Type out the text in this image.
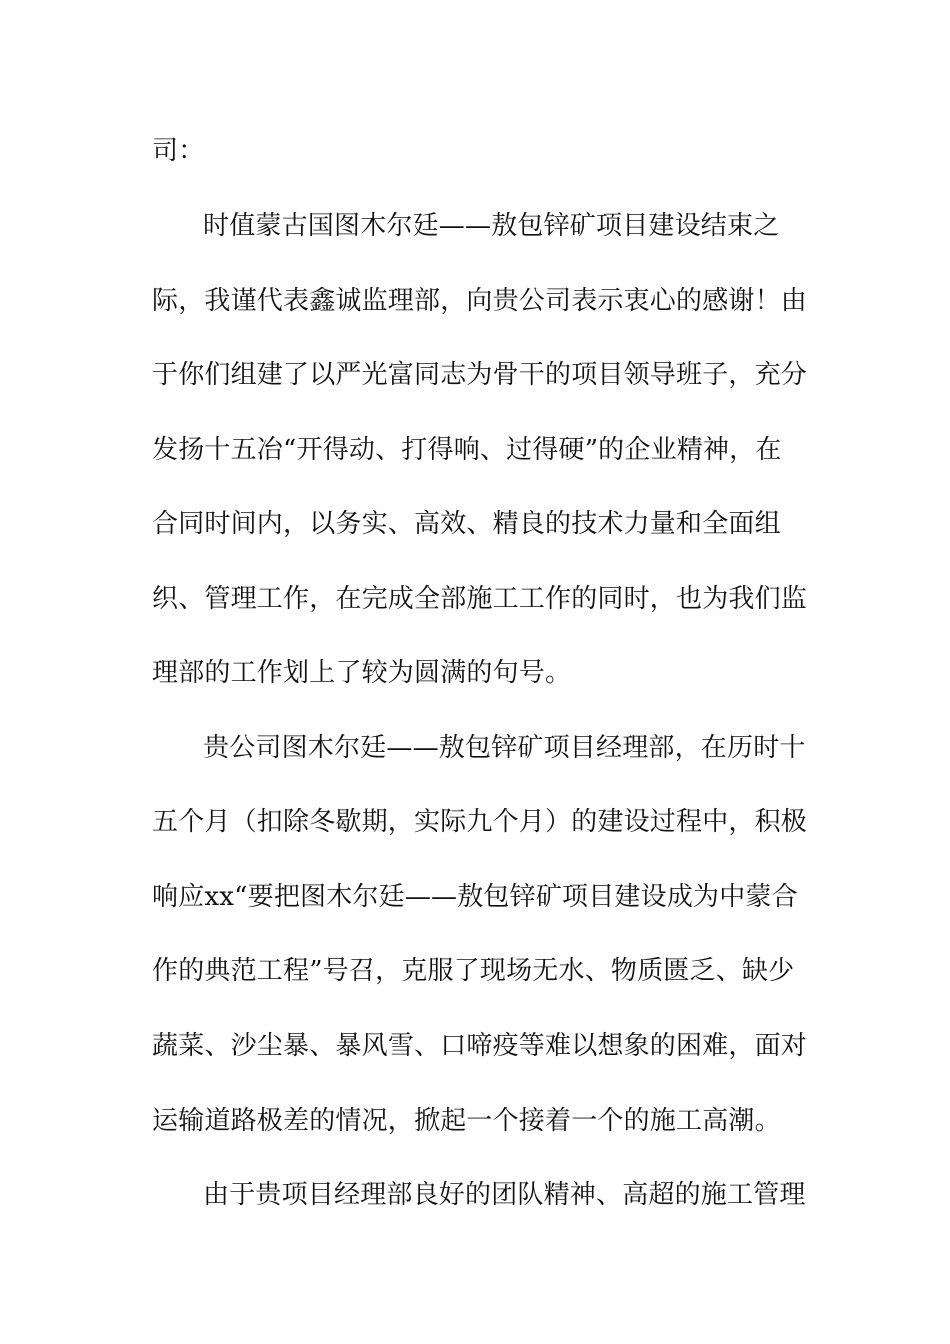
司：
时值蒙古国图木尔廷——敖包锌矿项目建设结束之
际，我谨代表鑫诚监理部，向贵公司表示衷心的感谢！由
于你们组建了以严光富同志为骨干的项目领导班子，充分
发扬十五冶“开得动、打得响、过得硬”的企业精神，在
合同时间内，以务实、高效、精良的技术力量和全面组
织、管理工作，在完成全部施工工作的同时，也为我们监
理部的工作划上了较为圆满的句号。
贵公司图木尔廷——敖包锌矿项目经理部，在历时十
五个月（扣除冬歇期，实际九个月）的建设过程中，积极
响应xx“要把图木尔廷——敖包锌矿项目建设成为中蒙合
作的典范工程”号召，克服了现场无水、物质匮乏、缺少
蔬菜、沙尘暴、暴风雪、口啼疫等难以想象的困难，面对
运输道路极差的情况，掀起一个接着一个的施工高潮。
由于贵项目经理部良好的团队精神、高超的施工管理
